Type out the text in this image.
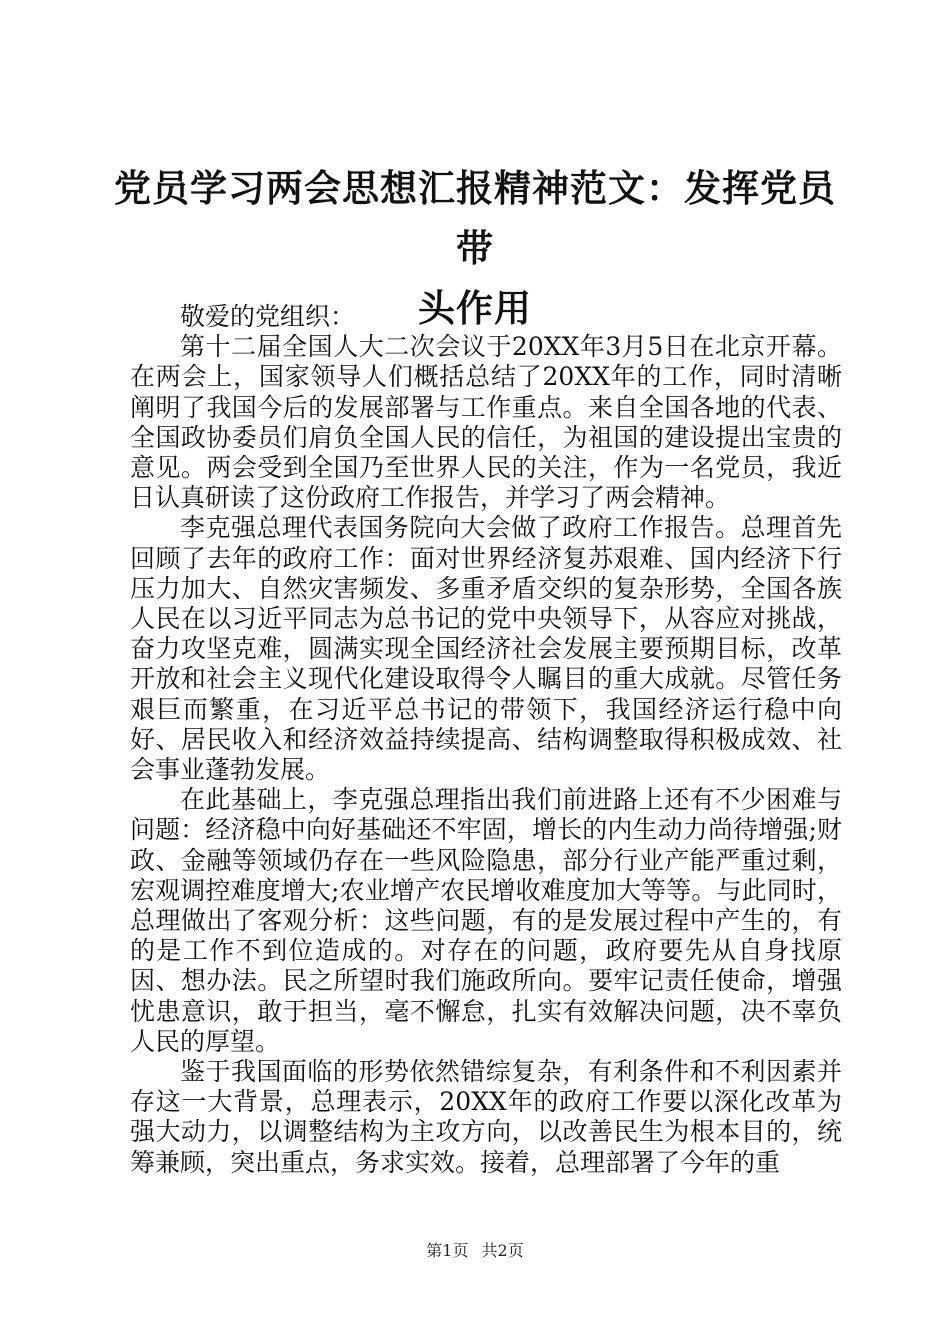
党员学习两会思想汇报精神范文：发挥党员带
头作用

敬爱的党组织：

第十二届全国人大二次会议于20XX年3月5日在北京开幕。在两会上，国家领导人们概括总结了20XX年的工作，同时清晰阐明了我国今后的发展部署与工作重点。来自全国各地的代表、全国政协委员们肩负全国人民的信任，为祖国的建设提出宝贵的意见。两会受到全国乃至世界人民的关注，作为一名党员，我近日认真研读了这份政府工作报告，并学习了两会精神。

李克强总理代表国务院向大会做了政府工作报告。总理首先回顾了去年的政府工作：面对世界经济复苏艰难、国内经济下行压力加大、自然灾害频发、多重矛盾交织的复杂形势，全国各族人民在以习近平同志为总书记的党中央领导下，从容应对挑战，奋力攻坚克难，圆满实现全国经济社会发展主要预期目标，改革开放和社会主义现代化建设取得令人瞩目的重大成就。尽管任务艰巨而繁重，在习近平总书记的带领下，我国经济运行稳中向好、居民收入和经济效益持续提高、结构调整取得积极成效、社会事业蓬勃发展。

在此基础上，李克强总理指出我们前进路上还有不少困难与问题：经济稳中向好基础还不牢固，增长的内生动力尚待增强;财政、金融等领域仍存在一些风险隐患，部分行业产能严重过剩，宏观调控难度增大;农业增产农民增收难度加大等等。与此同时，总理做出了客观分析：这些问题，有的是发展过程中产生的，有的是工作不到位造成的。对存在的问题，政府要先从自身找原因、想办法。民之所望时我们施政所向。要牢记责任使命，增强忧患意识，敢于担当，毫不懈怠，扎实有效解决问题，决不辜负人民的厚望。

鉴于我国面临的形势依然错综复杂，有利条件和不利因素并存这一大背景，总理表示，20XX年的政府工作要以深化改革为强大动力，以调整结构为主攻方向，以改善民生为根本目的，统筹兼顾，突出重点，务求实效。接着，总理部署了今年的重

第1页 共2页
